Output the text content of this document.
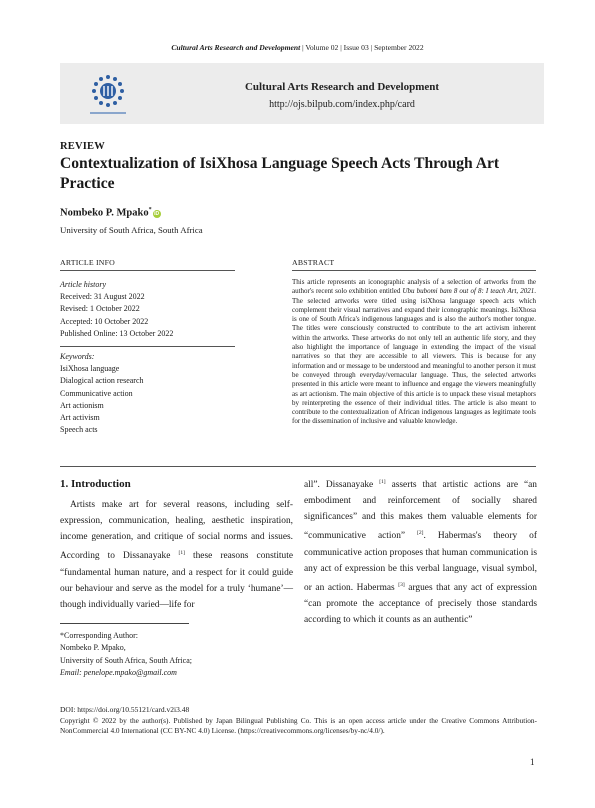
Cultural Arts Research and Development | Volume 02 | Issue 03 | September 2022
Cultural Arts Research and Development
http://ojs.bilpub.com/index.php/card
REVIEW
Contextualization of IsiXhosa Language Speech Acts Through Art Practice
Nombeko P. Mpako*iD
University of South Africa, South Africa
ARTICLE INFO	ABSTRACT
Article history
Received: 31 August 2022
Revised: 1 October 2022
Accepted: 10 October 2022
Published Online: 13 October 2022
Keywords:
IsiXhosa language
Dialogical action research
Communicative action
Art actionism
Art activism
Speech acts
This article represents an iconographic analysis of a selection of artworks from the author's recent solo exhibition entitled Ubu bubomi bam 8 out of 8: I teach Art, 2021. The selected artworks were titled using isiXhosa language speech acts which complement their visual narratives and expand their iconographic meanings. IsiXhosa is one of South Africa's indigenous languages and is also the author's mother tongue. The titles were consciously constructed to contribute to the art activism inherent within the artworks. These artworks do not only tell an authentic life story, and they also highlight the importance of language in extending the impact of the visual narratives so that they are accessible to all viewers. This is because for any information and or message to be understood and meaningful to another person it must be conveyed through everyday/vernacular language. Thus, the selected artworks presented in this article were meant to influence and engage the viewers meaningfully as art actionism. The main objective of this article is to unpack these visual metaphors by reinterpreting the essence of their individual titles. The article is also meant to contribute to the contextualization of African indigenous languages as legitimate tools for the dissemination of inclusive and valuable knowledge.
1. Introduction
Artists make art for several reasons, including self-expression, communication, healing, aesthetic inspiration, income generation, and critique of social norms and issues. According to Dissanayake [1] these reasons constitute “fundamental human nature, and a respect for it could guide our behaviour and serve as the model for a truly ‘humane’—though individually varied—life for
all”. Dissanayake [1] asserts that artistic actions are “an embodiment and reinforcement of socially shared significances” and this makes them valuable elements for “communicative action” [2]. Habermas's theory of communicative action proposes that human communication is any act of expression be this verbal language, visual symbol, or an action. Habermas [3] argues that any act of expression “can promote the acceptance of precisely those standards according to which it counts as an authentic”
*Corresponding Author:
Nombeko P. Mpako,
University of South Africa, South Africa;
Email: penelope.mpako@gmail.com
DOI: https://doi.org/10.55121/card.v2i3.48
Copyright © 2022 by the author(s). Published by Japan Bilingual Publishing Co. This is an open access article under the Creative Commons Attribution-NonCommercial 4.0 International (CC BY-NC 4.0) License. (https://creativecommons.org/licenses/by-nc/4.0/).
1
